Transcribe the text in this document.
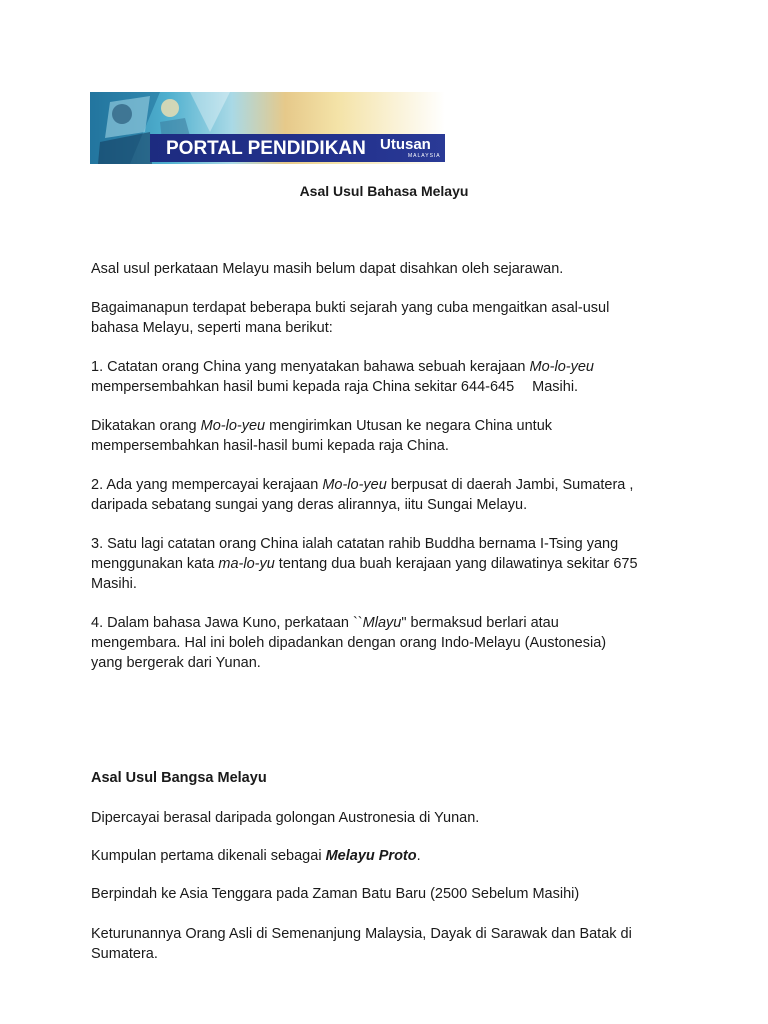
PORTAL PENDIDIKAN Utusan
MALAYSIA
Asal Usul Bahasa Melayu
Asal usul perkataan Melayu masih belum dapat disahkan oleh sejarawan.
Bagaimanapun terdapat beberapa bukti sejarah yang cuba mengaitkan asal-usul
bahasa Melayu, seperti mana berikut:
1. Catatan orang China yang menyatakan bahawa sebuah kerajaan Mo-lo-yeu
mempersembahkan hasil bumi kepada raja China sekitar 644-645 Masihi.
Dikatakan orang Mo-lo-yeu mengirimkan Utusan ke negara China untuk
mempersembahkan hasil-hasil bumi kepada raja China.
2. Ada yang mempercayai kerajaan Mo-lo-yeu berpusat di daerah Jambi, Sumatera ,
daripada sebatang sungai yang deras alirannya, iitu Sungai Melayu.
3. Satu lagi catatan orang China ialah catatan rahib Buddha bernama I-Tsing yang
menggunakan kata ma-lo-yu tentang dua buah kerajaan yang dilawatinya sekitar 675
Masihi.
4. Dalam bahasa Jawa Kuno, perkataan ``Mlayu" bermaksud berlari atau
mengembara. Hal ini boleh dipadankan dengan orang Indo-Melayu (Austonesia)
yang bergerak dari Yunan.
Asal Usul Bangsa Melayu
Dipercayai berasal daripada golongan Austronesia di Yunan.
Kumpulan pertama dikenali sebagai Melayu Proto.
Berpindah ke Asia Tenggara pada Zaman Batu Baru (2500 Sebelum Masihi)
Keturunannya Orang Asli di Semenanjung Malaysia, Dayak di Sarawak dan Batak di
Sumatera.
